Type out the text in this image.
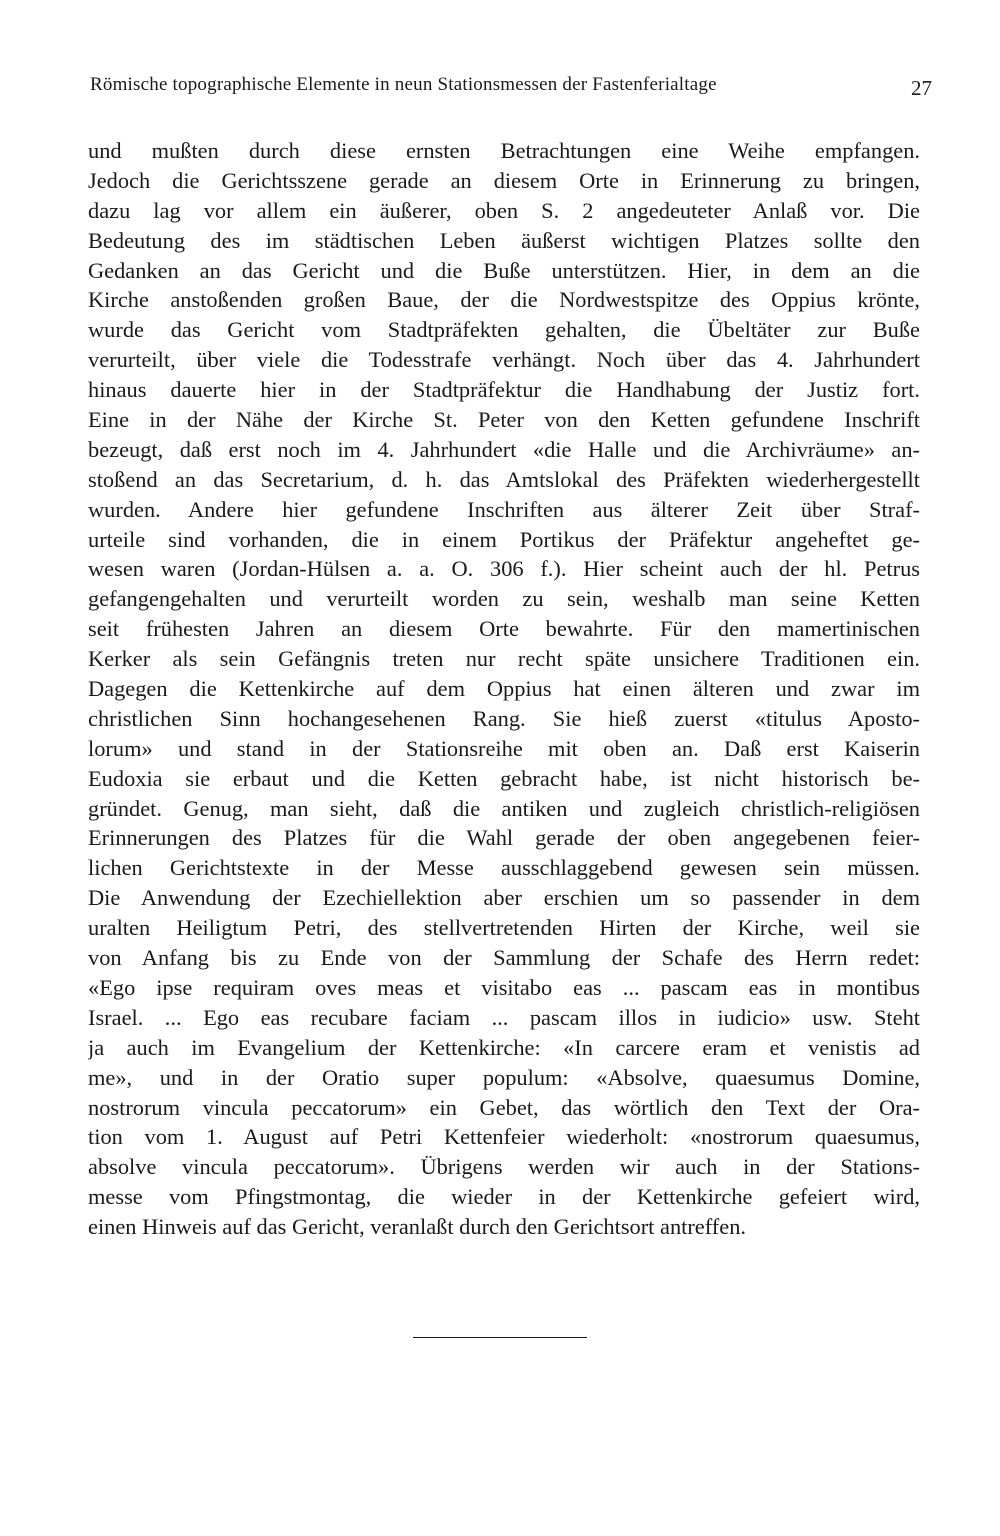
Römische topographische Elemente in neun Stationsmessen der Fastenferialtage	27
und mußten durch diese ernsten Betrachtungen eine Weihe empfangen.
Jedoch die Gerichtsszene gerade an diesem Orte in Erinnerung zu bringen,
dazu lag vor allem ein äußerer, oben S. 2 angedeuteter Anlaß vor. Die
Bedeutung des im städtischen Leben äußerst wichtigen Platzes sollte den
Gedanken an das Gericht und die Buße unterstützen. Hier, in dem an die
Kirche anstoßenden großen Baue, der die Nordwestspitze des Oppius krönte,
wurde das Gericht vom Stadtpräfekten gehalten, die Übeltäter zur Buße
verurteilt, über viele die Todesstrafe verhängt. Noch über das 4. Jahrhundert
hinaus dauerte hier in der Stadtpräfektur die Handhabung der Justiz fort.
Eine in der Nähe der Kirche St. Peter von den Ketten gefundene Inschrift
bezeugt, daß erst noch im 4. Jahrhundert «die Halle und die Archivräume» an-
stoßend an das Secretarium, d. h. das Amtslokal des Präfekten wiederhergestellt
wurden. Andere hier gefundene Inschriften aus älterer Zeit über Straf-
urteile sind vorhanden, die in einem Portikus der Präfektur angeheftet ge-
wesen waren (Jordan-Hülsen a. a. O. 306 f.). Hier scheint auch der hl. Petrus
gefangengehalten und verurteilt worden zu sein, weshalb man seine Ketten
seit frühesten Jahren an diesem Orte bewahrte. Für den mamertinischen
Kerker als sein Gefängnis treten nur recht späte unsichere Traditionen ein.
Dagegen die Kettenkirche auf dem Oppius hat einen älteren und zwar im
christlichen Sinn hochangesehenen Rang. Sie hieß zuerst «titulus Aposto-
lorum» und stand in der Stationsreihe mit oben an. Daß erst Kaiserin
Eudoxia sie erbaut und die Ketten gebracht habe, ist nicht historisch be-
gründet. Genug, man sieht, daß die antiken und zugleich christlich-religiösen
Erinnerungen des Platzes für die Wahl gerade der oben angegebenen feier-
lichen Gerichtstexte in der Messe ausschlaggebend gewesen sein müssen.
Die Anwendung der Ezechiellektion aber erschien um so passender in dem
uralten Heiligtum Petri, des stellvertretenden Hirten der Kirche, weil sie
von Anfang bis zu Ende von der Sammlung der Schafe des Herrn redet:
«Ego ipse requiram oves meas et visitabo eas ... pascam eas in montibus
Israel. ... Ego eas recubare faciam ... pascam illos in iudicio» usw. Steht
ja auch im Evangelium der Kettenkirche: «In carcere eram et venistis ad
me», und in der Oratio super populum: «Absolve, quaesumus Domine,
nostrorum vincula peccatorum» ein Gebet, das wörtlich den Text der Ora-
tion vom 1. August auf Petri Kettenfeier wiederholt: «nostrorum quaesumus,
absolve vincula peccatorum». Übrigens werden wir auch in der Stations-
messe vom Pfingstmontag, die wieder in der Kettenkirche gefeiert wird,
einen Hinweis auf das Gericht, veranlaßt durch den Gerichtsort antreffen.
